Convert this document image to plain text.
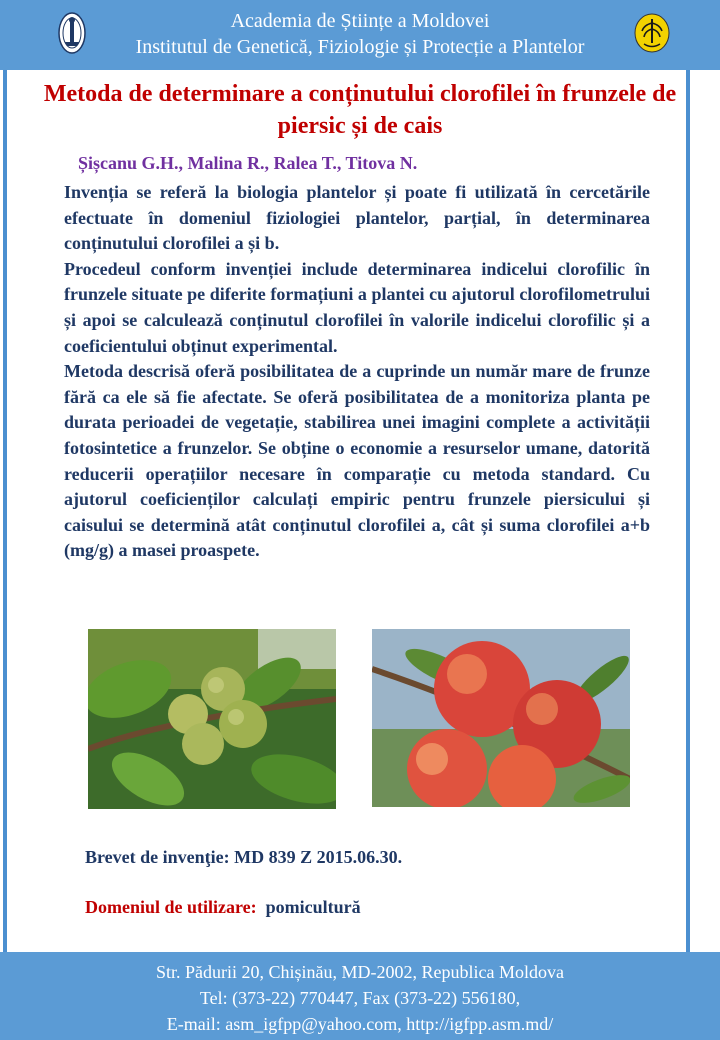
Academia de Științe a Moldovei
Institutul de Genetică, Fiziologie și Protecție a Plantelor
Metoda de determinare a conținutului clorofilei în frunzele de piersic și de cais
Șișcanu G.H., Malina R., Ralea T., Titova N.

Invenția se referă la biologia plantelor și poate fi utilizată în cercetările efectuate în domeniul fiziologiei plantelor, parțial, în determinarea conținutului clorofilei a și b.

Procedeul conform invenției include determinarea indicelui clorofilic în frunzele situate pe diferite formațiuni a plantei cu ajutorul clorofilometrului și apoi se calculează conținutul clorofilei în valorile indicelui clorofilic și a coeficientului obținut experimental.

Metoda descrisă oferă posibilitatea de a cuprinde un număr mare de frunze fără ca ele să fie afectate. Se oferă posibilitatea de a monitoriza planta pe durata perioadei de vegetație, stabilirea unei imagini complete a activității fotosintetice a frunzelor. Se obține o economie a resurselor umane, datorită reducerii operațiilor necesare în comparație cu metoda standard. Cu ajutorul coeficienților calculați empiric pentru frunzele piersicului și caisului se determină atât conținutul clorofilei a, cât și suma clorofilei a+b (mg/g) a masei proaspete.

Brevet de invenţie: MD 839 Z 2015.06.30.
Domeniul de utilizare: pomicultură
Str. Pădurii 20, Chișinău, MD-2002, Republica Moldova
Tel: (373-22) 770447, Fax (373-22) 556180,
E-mail: asm_igfpp@yahoo.com, http://igfpp.asm.md/
